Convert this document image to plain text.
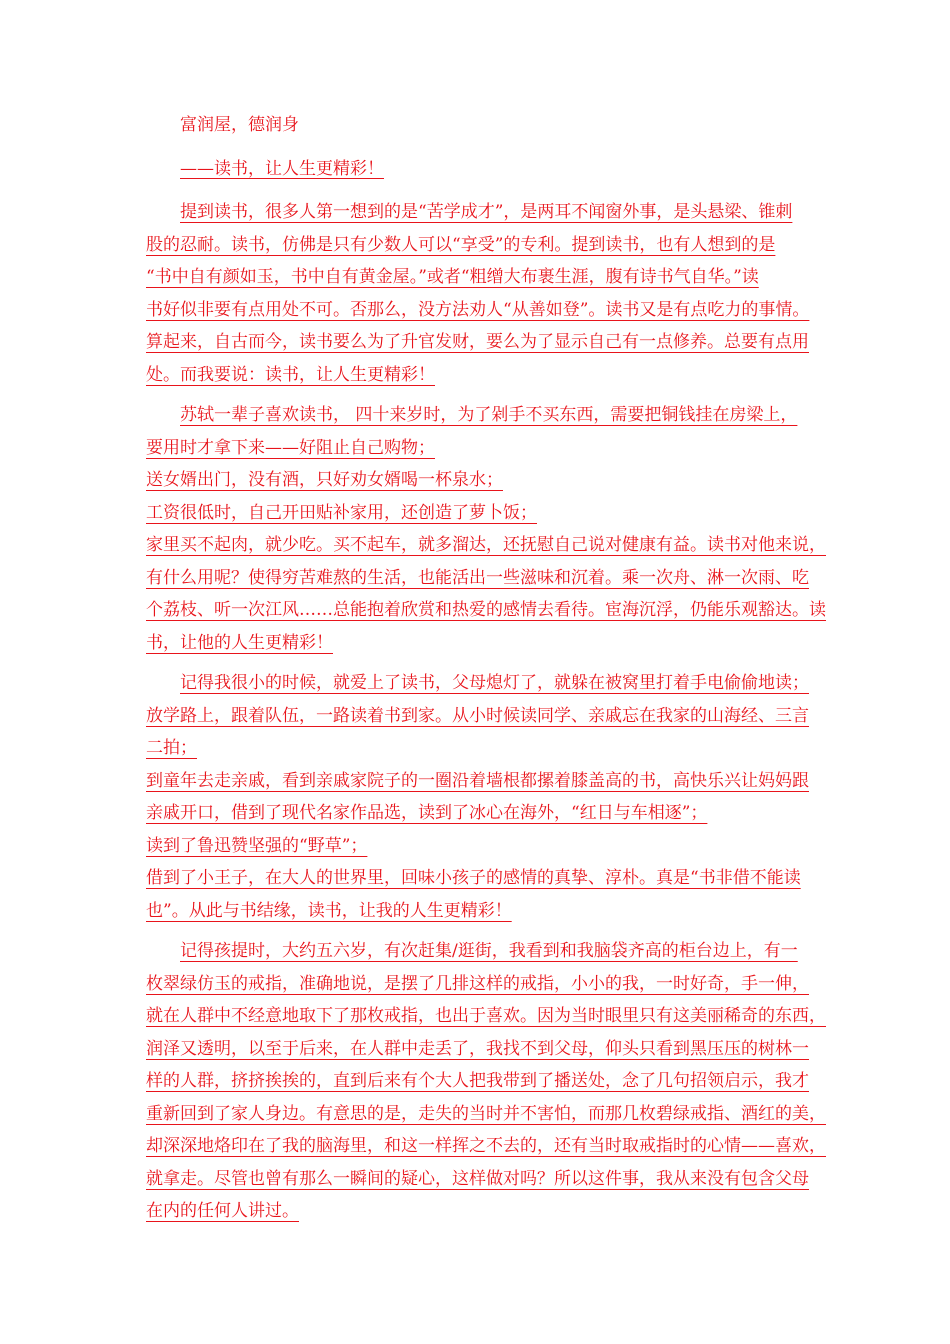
富润屋，德润身
——读书，让人生更精彩！
提到读书，很多人第一想到的是“苦学成才”，是两耳不闻窗外事，是头悬梁、锥刺
股的忍耐。读书，仿佛是只有少数人可以“享受”的专利。提到读书，也有人想到的是
“书中自有颜如玉，书中自有黄金屋。”或者“粗缯大布裹生涯，腹有诗书气自华。”读
书好似非要有点用处不可。否那么，没方法劝人“从善如登”。读书又是有点吃力的事情。
算起来，自古而今，读书要么为了升官发财，要么为了显示自己有一点修养。总要有点用
处。而我要说：读书，让人生更精彩！
苏轼一辈子喜欢读书， 四十来岁时，为了剁手不买东西，需要把铜钱挂在房梁上，
要用时才拿下来——好阻止自己购物；
送女婿出门，没有酒，只好劝女婿喝一杯泉水；
工资很低时，自己开田贴补家用，还创造了萝卜饭；
家里买不起肉，就少吃。买不起车，就多溜达，还抚慰自己说对健康有益。读书对他来说，
有什么用呢？使得穷苦难熬的生活，也能活出一些滋味和沉着。乘一次舟、淋一次雨、吃
个荔枝、听一次江风……总能抱着欣赏和热爱的感情去看待。宦海沉浮，仍能乐观豁达。读
书，让他的人生更精彩！
记得我很小的时候，就爱上了读书，父母熄灯了，就躲在被窝里打着手电偷偷地读；
放学路上，跟着队伍，一路读着书到家。从小时候读同学、亲戚忘在我家的山海经、三言
二拍；
到童年去走亲戚，看到亲戚家院子的一圈沿着墙根都摞着膝盖高的书，高快乐兴让妈妈跟
亲戚开口，借到了现代名家作品选，读到了冰心在海外，“红日与车相逐”；
读到了鲁迅赞坚强的“野草”；
借到了小王子，在大人的世界里，回味小孩子的感情的真挚、淳朴。真是“书非借不能读
也”。从此与书结缘，读书，让我的人生更精彩！
记得孩提时，大约五六岁，有次赶集/逛街，我看到和我脑袋齐高的柜台边上，有一
枚翠绿仿玉的戒指，准确地说，是摆了几排这样的戒指，小小的我，一时好奇，手一伸，
就在人群中不经意地取下了那枚戒指，也出于喜欢。因为当时眼里只有这美丽稀奇的东西，
润泽又透明，以至于后来，在人群中走丢了，我找不到父母，仰头只看到黑压压的树林一
样的人群，挤挤挨挨的，直到后来有个大人把我带到了播送处，念了几句招领启示，我才
重新回到了家人身边。有意思的是，走失的当时并不害怕，而那几枚碧绿戒指、酒红的美，
却深深地烙印在了我的脑海里，和这一样挥之不去的，还有当时取戒指时的心情——喜欢，
就拿走。尽管也曾有那么一瞬间的疑心，这样做对吗？所以这件事，我从来没有包含父母
在内的任何人讲过。
